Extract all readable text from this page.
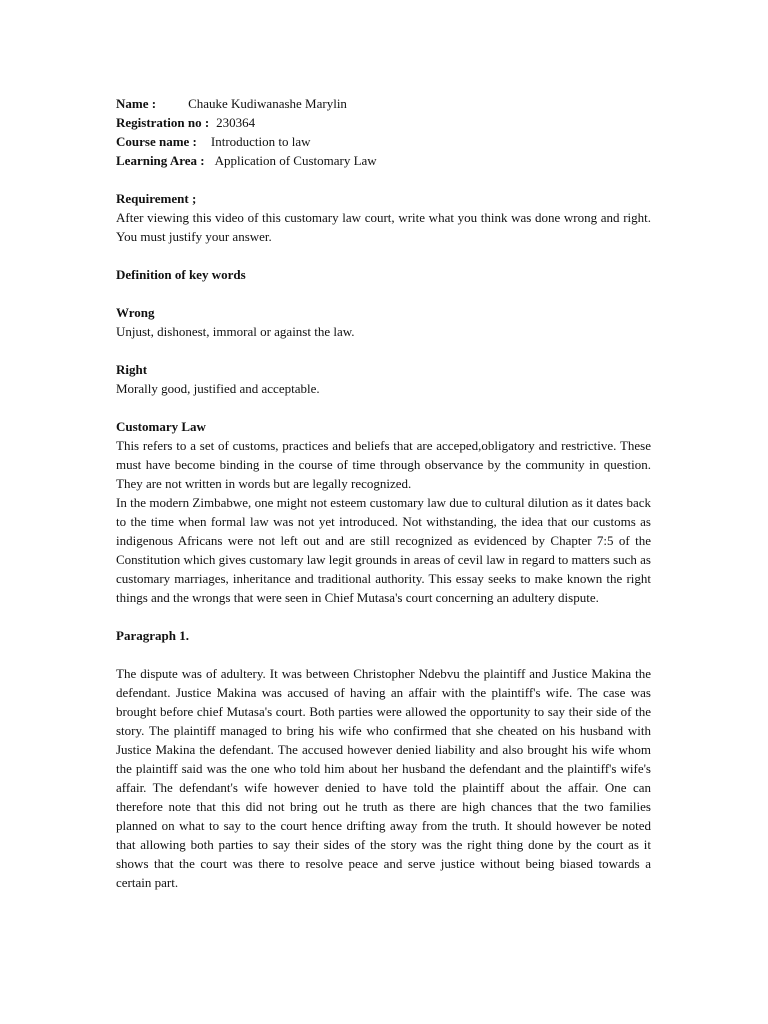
Name : Chauke Kudiwanashe Marylin
Registration no : 230364
Course name : Introduction to law
Learning Area : Application of Customary Law
Requirement ;

After viewing this video of this customary law court, write what you think was done wrong and right. You must justify your answer.

Definition of key words
Wrong

Unjust, dishonest, immoral or against the law.

Right

Morally good, justified and acceptable.

Customary Law

This refers to a set of customs, practices and beliefs that are acceped,obligatory and restrictive. These must have become binding in the course of time through observance by the community in question. They are not written in words but are legally recognized.

In the modern Zimbabwe, one might not esteem customary law due to cultural dilution as it dates back to the time when formal law was not yet introduced. Not withstanding, the idea that our customs as indigenous Africans were not left out and are still recognized as evidenced by Chapter 7:5 of the Constitution which gives customary law legit grounds in areas of cevil law in regard to matters such as customary marriages, inheritance and traditional authority. This essay seeks to make known the right things and the wrongs that were seen in Chief Mutasa's court concerning an adultery dispute.

Paragraph 1.

The dispute was of adultery. It was between Christopher Ndebvu the plaintiff and Justice Makina the defendant. Justice Makina was accused of having an affair with the plaintiff's wife. The case was brought before chief Mutasa's court. Both parties were allowed the opportunity to say their side of the story. The plaintiff managed to bring his wife who confirmed that she cheated on his husband with Justice Makina the defendant. The accused however denied liability and also brought his wife whom the plaintiff said was the one who told him about her husband the defendant and the plaintiff's wife's affair. The defendant's wife however denied to have told the plaintiff about the affair. One can therefore note that this did not bring out he truth as there are high chances that the two families planned on what to say to the court hence drifting away from the truth. It should however be noted that allowing both parties to say their sides of the story was the right thing done by the court as it shows that the court was there to resolve peace and serve justice without being biased towards a certain part.
